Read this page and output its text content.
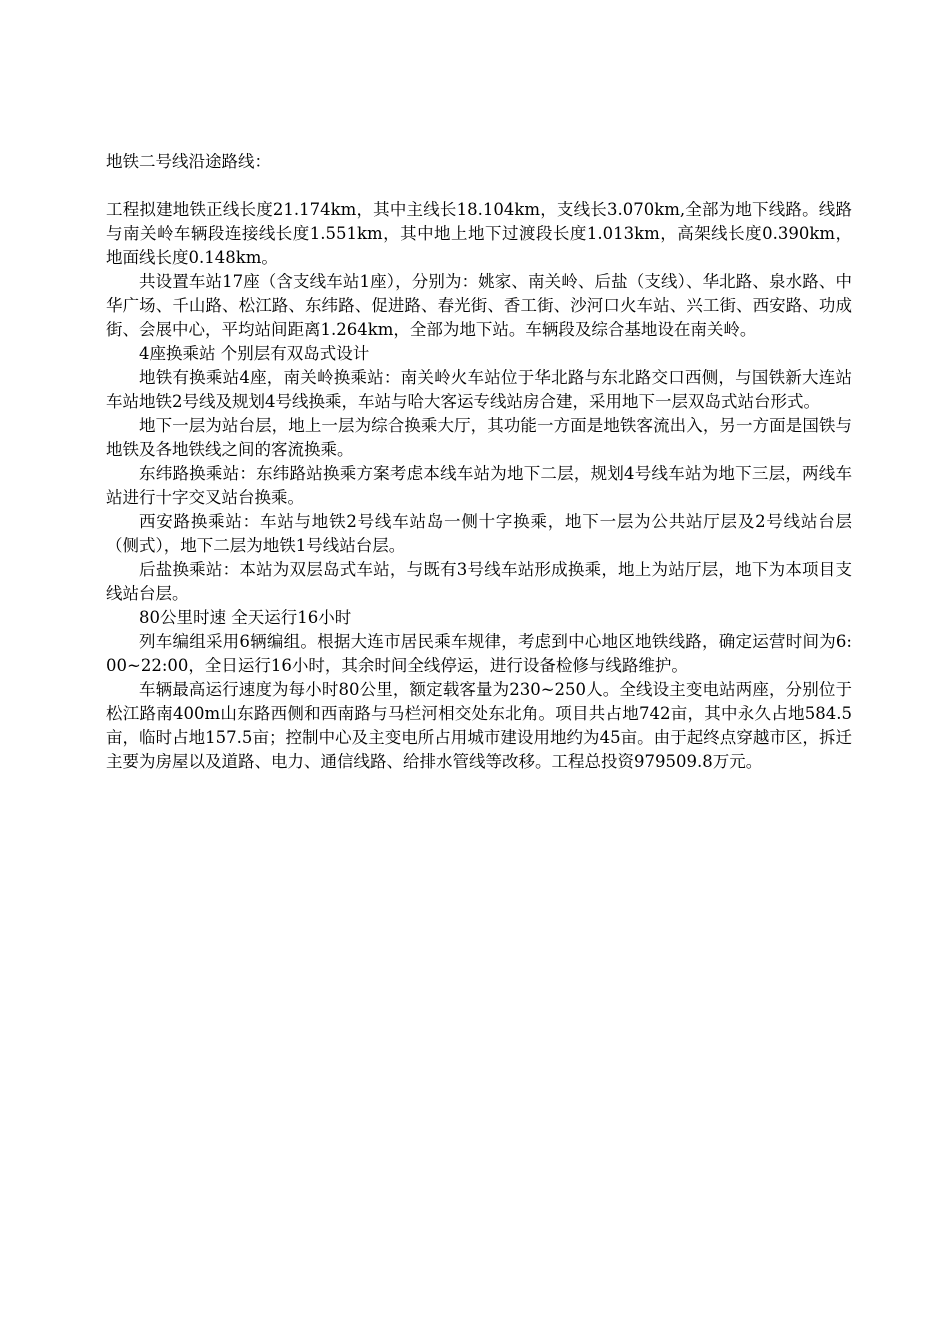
地铁二号线沿途路线：

工程拟建地铁正线长度21.174km，其中主线长18.104km，支线长3.070km,全部为地下线路。线路与南关岭车辆段连接线长度1.551km，其中地上地下过渡段长度1.013km，高架线长度0.390km，地面线长度0.148km。

共设置车站17座（含支线车站1座），分别为：姚家、南关岭、后盐（支线）、华北路、泉水路、中华广场、千山路、松江路、东纬路、促进路、春光街、香工街、沙河口火车站、兴工街、西安路、功成街、会展中心，平均站间距离1.264km，全部为地下站。车辆段及综合基地设在南关岭。

4座换乘站 个别层有双岛式设计

地铁有换乘站4座，南关岭换乘站：南关岭火车站位于华北路与东北路交口西侧，与国铁新大连站车站地铁2号线及规划4号线换乘，车站与哈大客运专线站房合建，采用地下一层双岛式站台形式。

地下一层为站台层，地上一层为综合换乘大厅，其功能一方面是地铁客流出入，另一方面是国铁与地铁及各地铁线之间的客流换乘。

东纬路换乘站：东纬路站换乘方案考虑本线车站为地下二层，规划4号线车站为地下三层，两线车站进行十字交叉站台换乘。

西安路换乘站：车站与地铁2号线车站岛一侧十字换乘，地下一层为公共站厅层及2号线站台层（侧式），地下二层为地铁1号线站台层。

后盐换乘站：本站为双层岛式车站，与既有3号线车站形成换乘，地上为站厅层，地下为本项目支线站台层。

80公里时速 全天运行16小时

列车编组采用6辆编组。根据大连市居民乘车规律，考虑到中心地区地铁线路，确定运营时间为6:00~22:00，全日运行16小时，其余时间全线停运，进行设备检修与线路维护。

车辆最高运行速度为每小时80公里，额定载客量为230~250人。全线设主变电站两座，分别位于松江路南400m山东路西侧和西南路与马栏河相交处东北角。项目共占地742亩，其中永久占地584.5亩，临时占地157.5亩；控制中心及主变电所占用城市建设用地约为45亩。由于起终点穿越市区，拆迁主要为房屋以及道路、电力、通信线路、给排水管线等改移。工程总投资979509.8万元。
